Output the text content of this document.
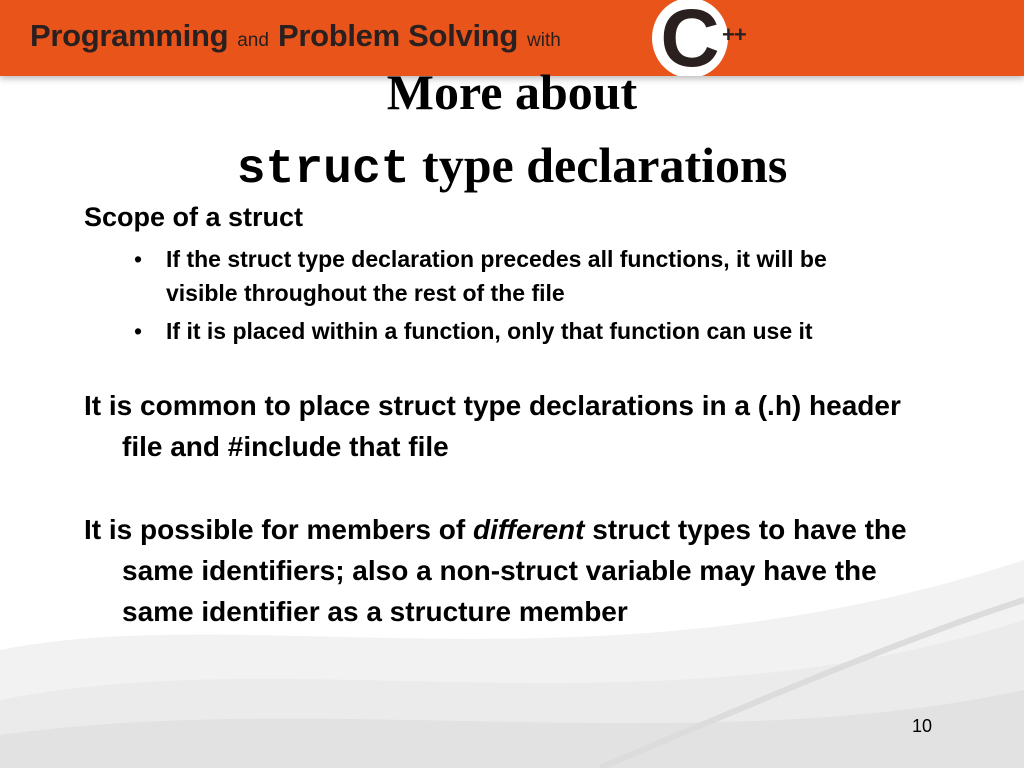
Programming and Problem Solving with C ++
More about
struct type declarations
Scope of a struct
• If the struct type declaration precedes all functions, it will be visible throughout the rest of the file
• If it is placed within a function, only that function can use it
It is common to place struct type declarations in a (.h) header file and #include that file
It is possible for members of different struct types to have the same identifiers; also a non-struct variable may have the same identifier as a structure member
10
